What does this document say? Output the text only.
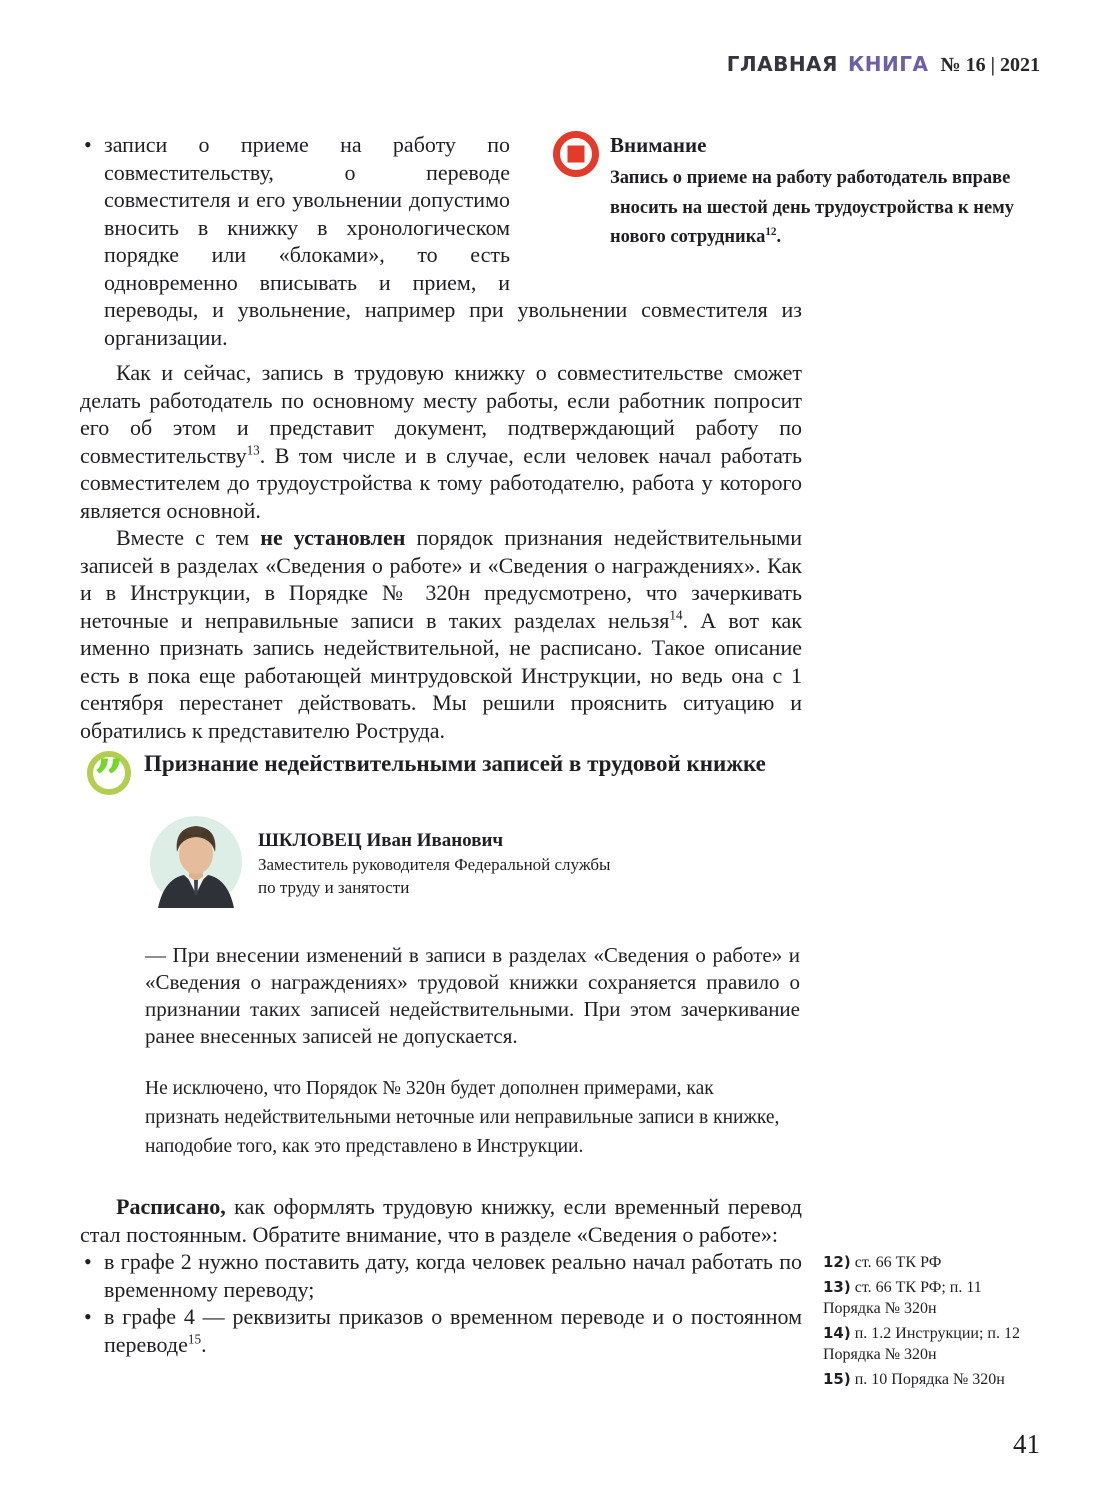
ГЛАВНАЯ КНИГА № 16 | 2021
Внимание

Запись о приеме на работу работодатель вправе вносить на шестой день трудоустройства к нему нового сотрудника$^{12}$.

• записи о приеме на работу по совместительству, о переводе совместителя и его увольнении допустимо вносить в книжку в хронологическом порядке или «блоками», то есть одновременно вписывать и прием, и переводы, и увольнение, например при увольнении совместителя из организации.

Как и сейчас, запись в трудовую книжку о совместительстве сможет делать работодатель по основному месту работы, если работник попросит его об этом и представит документ, подтверждающий работу по совместительству$^{13}$. В том числе и в случае, если человек начал работать совместителем до трудоустройства к тому работодателю, работа у которого является основной.

Вместе с тем не установлен порядок признания недействительными записей в разделах «Сведения о работе» и «Сведения о награждениях». Как и в Инструкции, в Порядке № 320н предусмотрено, что зачеркивать неточные и неправильные записи в таких разделах нельзя$^{14}$. А вот как именно признать запись недействительной, не расписано. Такое описание есть в пока еще работающей минтрудовской Инструкции, но ведь она с 1 сентября перестанет действовать. Мы решили прояснить ситуацию и обратились к представителю Роструда.

” Признание недействительными записей в трудовой книжке
ШКЛОВЕЦ Иван Иванович
Заместитель руководителя Федеральной службы
по труду и занятости

— При внесении изменений в записи в разделах «Сведения о работе» и «Сведения о награждениях» трудовой книжки сохраняется правило о признании таких записей недействительными. При этом зачеркивание ранее внесенных записей не допускается.

Не исключено, что Порядок № 320н будет дополнен примерами, как признать недействительными неточные или неправильные записи в книжке, наподобие того, как это представлено в Инструкции.

Расписано, как оформлять трудовую книжку, если временный перевод стал постоянным. Обратите внимание, что в разделе «Сведения о работе»:

• в графе 2 нужно поставить дату, когда человек реально начал работать по временному переводу;

• в графе 4 — реквизиты приказов о временном переводе и о постоянном переводе$^{15}$.

12) ст. 66 ТК РФ

13) ст. 66 ТК РФ; п. 11 Порядка № 320н

14) п. 1.2 Инструкции; п. 12 Порядка № 320н

15) п. 10 Порядка № 320н

41
